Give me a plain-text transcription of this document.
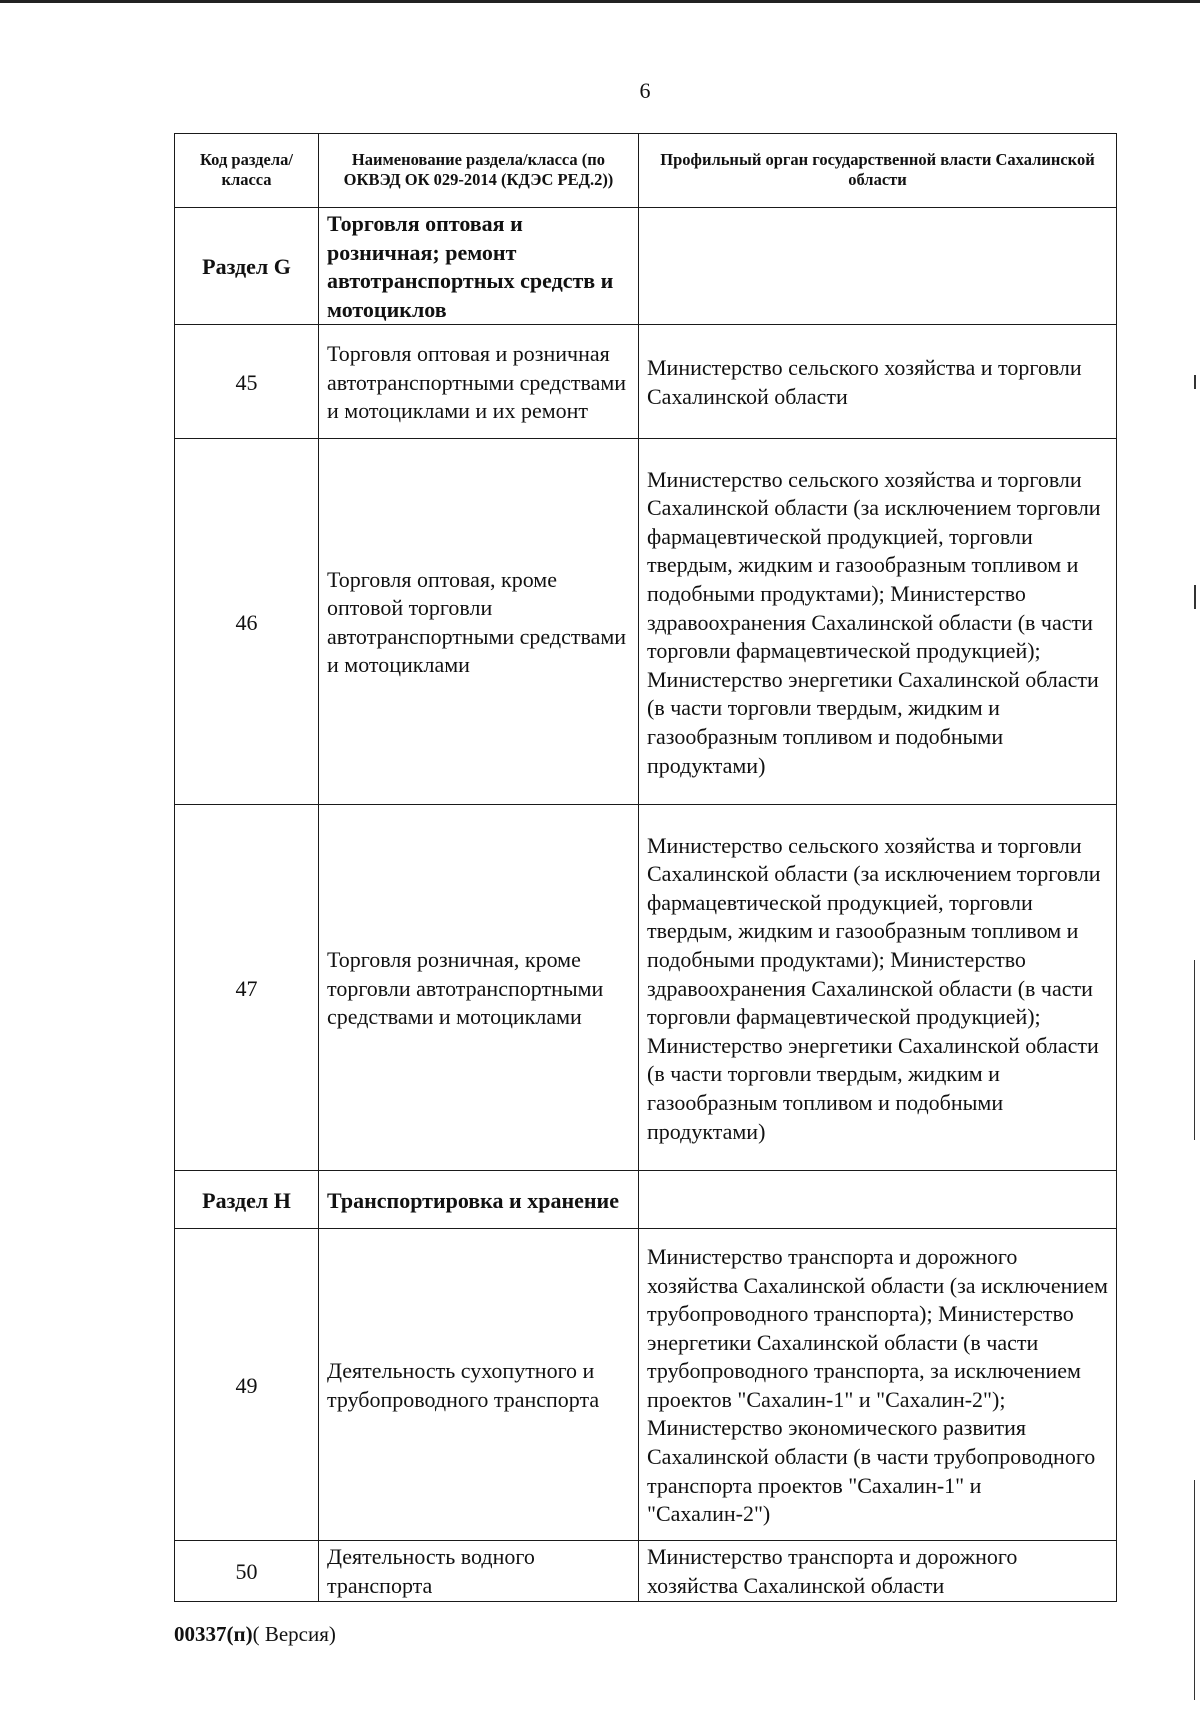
6
Код раздела/ класса	Наименование раздела/класса (по ОКВЭД ОК 029-2014 (КДЭС РЕД.2))	Профильный орган государственной власти Сахалинской области
Раздел G	Торговля оптовая и розничная; ремонт автотранспортных средств и мотоциклов	
45	Торговля оптовая и розничная автотранспортными средствами и мотоциклами и их ремонт	Министерство сельского хозяйства и торговли Сахалинской области
46	Торговля оптовая, кроме оптовой торговли автотранспортными средствами и мотоциклами	Министерство сельского хозяйства и торговли Сахалинской области (за исключением торговли фармацевтической продукцией, торговли твердым, жидким и газообразным топливом и подобными продуктами); Министерство здравоохранения Сахалинской области (в части торговли фармацевтической продукцией); Министерство энергетики Сахалинской области (в части торговли твердым, жидким и газообразным топливом и подобными продуктами)
47	Торговля розничная, кроме торговли автотранспортными средствами и мотоциклами	Министерство сельского хозяйства и торговли Сахалинской области (за исключением торговли фармацевтической продукцией, торговли твердым, жидким и газообразным топливом и подобными продуктами); Министерство здравоохранения Сахалинской области (в части торговли фармацевтической продукцией); Министерство энергетики Сахалинской области (в части торговли твердым, жидким и газообразным топливом и подобными продуктами)
Раздел H	Транспортировка и хранение	
49	Деятельность сухопутного и трубопроводного транспорта	Министерство транспорта и дорожного хозяйства Сахалинской области (за исключением трубопроводного транспорта); Министерство энергетики Сахалинской области (в части трубопроводного транспорта, за исключением проектов "Сахалин-1" и "Сахалин-2"); Министерство экономического развития Сахалинской области (в части трубопроводного транспорта проектов "Сахалин-1" и "Сахалин-2")
50	Деятельность водного транспорта	Министерство транспорта и дорожного хозяйства Сахалинской области
00337(п)( Версия)
